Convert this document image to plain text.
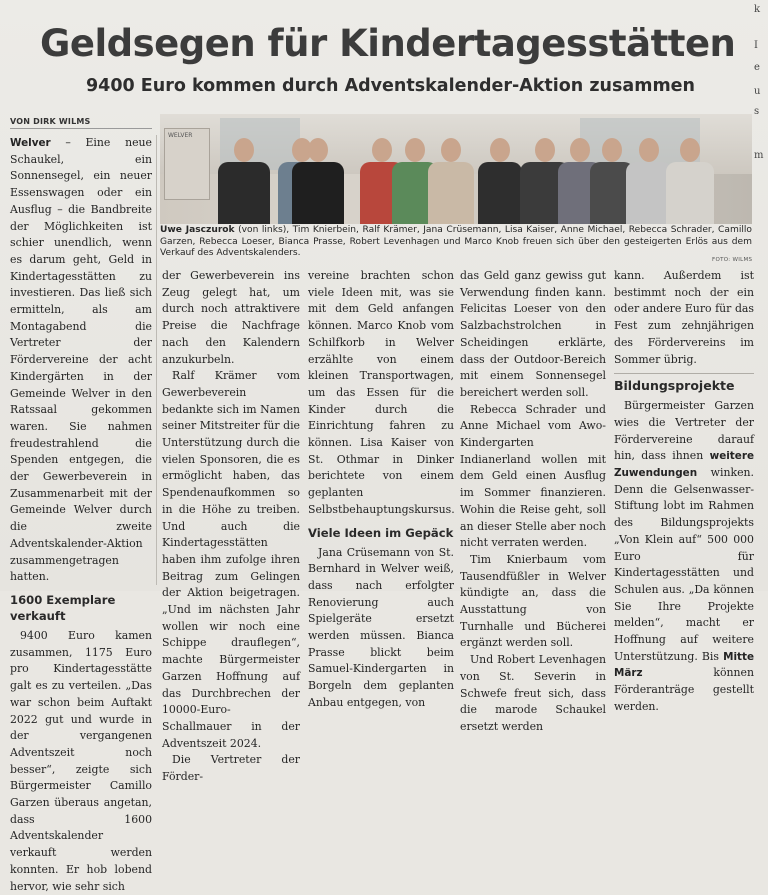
Geldsegen für Kindertagesstätten
9400 Euro kommen durch Adventskalender-Aktion zusammen
VON DIRK WILMS
WELVER
Uwe Jasczurok (von links), Tim Knierbein, Ralf Krämer, Jana Crüsemann, Lisa Kaiser, Anne Michael, Rebecca Schrader, Camillo Garzen, Rebecca Loeser, Bianca Prasse, Robert Levenhagen und Marco Knob freuen sich über den gesteigerten Erlös aus dem Verkauf des Adventskalenders.
FOTO: WILMS

Welver – Eine neue Schaukel, ein Sonnensegel, ein neuer Essenswagen oder ein Ausflug – die Bandbreite der Möglichkeiten ist schier unendlich, wenn es darum geht, Geld in Kindertagesstätten zu investieren. Das ließ sich ermitteln, als am Montagabend die Vertreter der Fördervereine der acht Kindergärten in der Gemeinde Welver in den Ratssaal gekommen waren. Sie nahmen freudestrahlend die Spenden entgegen, die der Gewerbeverein in Zusammenarbeit mit der Gemeinde Welver durch die zweite Adventskalender-Aktion zusammengetragen hatten.

1600 Exemplare verkauft

9400 Euro kamen zusammen, 1175 Euro pro Kindertagesstätte galt es zu verteilen. „Das war schon beim Auftakt 2022 gut und wurde in der vergangenen Adventszeit noch besser“, zeigte sich Bürgermeister Camillo Garzen überaus angetan, dass 1600 Adventskalender verkauft werden konnten. Er hob lobend hervor, wie sehr sich

der Gewerbeverein ins Zeug gelegt hat, um durch noch attraktivere Preise die Nachfrage nach den Kalendern anzukurbeln.

Ralf Krämer vom Gewerbeverein bedankte sich im Namen seiner Mitstreiter für die Unterstützung durch die vielen Sponsoren, die es ermöglicht haben, das Spendenaufkommen so in die Höhe zu treiben. Und auch die Kindertagesstätten haben ihm zufolge ihren Beitrag zum Gelingen der Aktion beigetragen. „Und im nächsten Jahr wollen wir noch eine Schippe drauflegen“, machte Bürgermeister Garzen Hoffnung auf das Durchbrechen der 10000-Euro-Schallmauer in der Adventszeit 2024.

Die Vertreter der Förder-

vereine brachten schon viele Ideen mit, was sie mit dem Geld anfangen können. Marco Knob vom Schilfkorb in Welver erzählte von einem kleinen Transportwagen, um das Essen für die Kinder durch die Einrichtung fahren zu können. Lisa Kaiser von St. Othmar in Dinker berichtete von einem geplanten Selbstbehauptungskursus.

Viele Ideen im Gepäck

Jana Crüsemann von St. Bernhard in Welver weiß, dass nach erfolgter Renovierung auch Spielgeräte ersetzt werden müssen. Bianca Prasse blickt beim Samuel-Kindergarten in Borgeln dem geplanten Anbau entgegen, von

das Geld ganz gewiss gut Verwendung finden kann. Felicitas Loeser von den Salzbachstrolchen in Scheidingen erklärte, dass der Outdoor-Bereich mit einem Sonnensegel bereichert werden soll.

Rebecca Schrader und Anne Michael vom Awo-Kindergarten Indianerland wollen mit dem Geld einen Ausflug im Sommer finanzieren. Wohin die Reise geht, soll an dieser Stelle aber noch nicht verraten werden.

Tim Knierbaum vom Tausendfüßler in Welver kündigte an, dass die Ausstattung von Turnhalle und Bücherei ergänzt werden soll.

Und Robert Levenhagen von St. Severin in Schwefe freut sich, dass die marode Schaukel ersetzt werden

kann. Außerdem ist bestimmt noch der ein oder andere Euro für das Fest zum zehnjährigen des Fördervereins im Sommer übrig.

Bildungsprojekte

Bürgermeister Garzen wies die Vertreter der Fördervereine darauf hin, dass ihnen weitere Zuwendungen winken. Denn die Gelsenwasser-Stiftung lobt im Rahmen des Bildungsprojekts „Von Klein auf“ 500 000 Euro für Kindertagesstätten und Schulen aus. „Da können Sie Ihre Projekte melden“, macht er Hoffnung auf weitere Unterstützung. Bis Mitte März können Förderanträge gestellt werden.

k
I
e
u
s
m
